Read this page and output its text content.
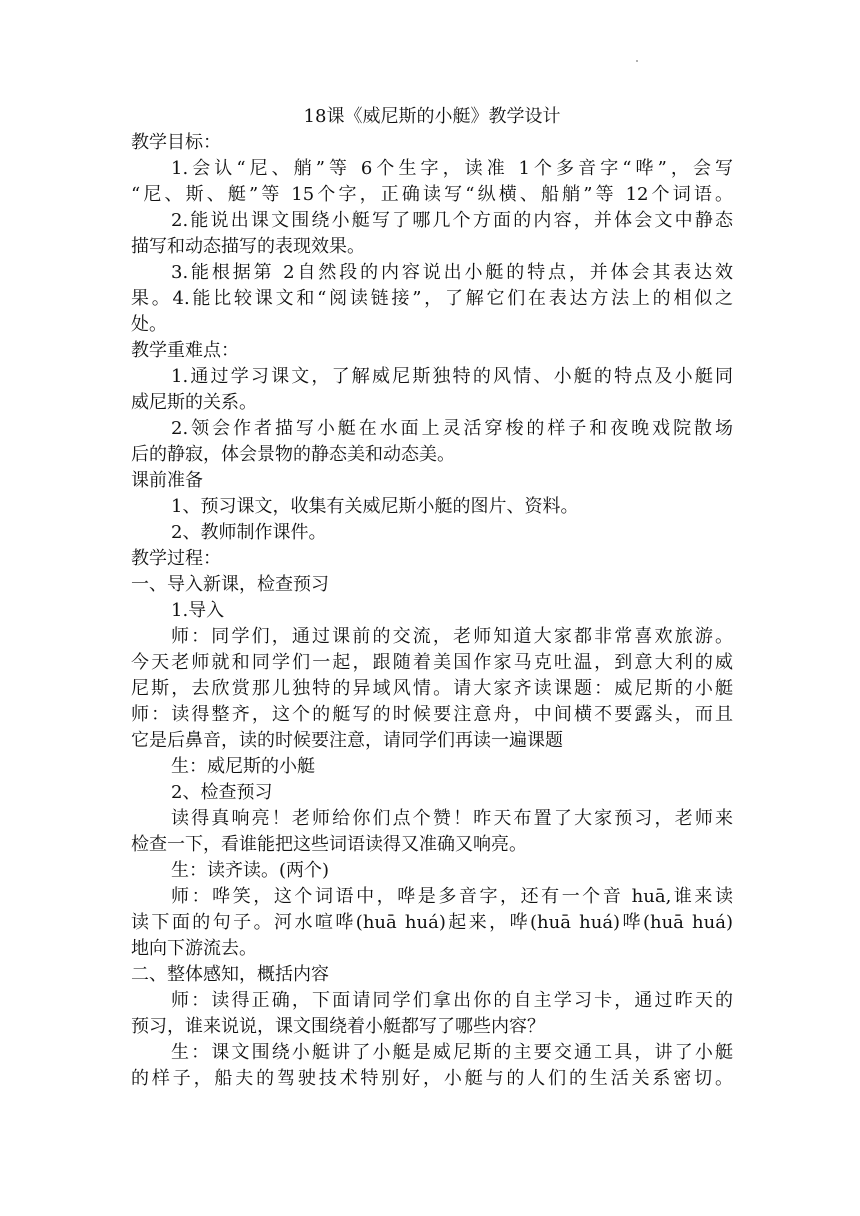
18课《威尼斯的小艇》教学设计
教学目标：
1.会认“尼、艄”等 6个生字，读准 1个多音字“哗”，会写
“尼、斯、艇”等 15个字，正确读写“纵横、船艄”等 12个词语。
2.能说出课文围绕小艇写了哪几个方面的内容，并体会文中静态
描写和动态描写的表现效果。
3.能根据第 2自然段的内容说出小艇的特点，并体会其表达效
果。4.能比较课文和“阅读链接”，了解它们在表达方法上的相似之
处。
教学重难点：
1.通过学习课文，了解威尼斯独特的风情、小艇的特点及小艇同
威尼斯的关系。
2.领会作者描写小艇在水面上灵活穿梭的样子和夜晚戏院散场
后的静寂，体会景物的静态美和动态美。
课前准备
1、预习课文，收集有关威尼斯小艇的图片、资料。
2、教师制作课件。
教学过程：
一、导入新课，检查预习
1.导入
师：同学们，通过课前的交流，老师知道大家都非常喜欢旅游。
今天老师就和同学们一起，跟随着美国作家马克吐温，到意大利的威
尼斯，去欣赏那儿独特的异域风情。请大家齐读课题：威尼斯的小艇
师：读得整齐，这个的艇写的时候要注意舟，中间横不要露头，而且
它是后鼻音，读的时候要注意，请同学们再读一遍课题
生：威尼斯的小艇
2、检查预习
读得真响亮！老师给你们点个赞！昨天布置了大家预习，老师来
检查一下，看谁能把这些词语读得又准确又响亮。
生：读齐读。(两个)
师：哗笑，这个词语中，哗是多音字，还有一个音 huā,谁来读
读下面的句子。河水喧哗(huā huá)起来，哗(huā huá)哗(huā huá)
地向下游流去。
二、整体感知，概括内容
师：读得正确，下面请同学们拿出你的自主学习卡，通过昨天的
预习，谁来说说，课文围绕着小艇都写了哪些内容？
生：课文围绕小艇讲了小艇是威尼斯的主要交通工具，讲了小艇
的样子，船夫的驾驶技术特别好，小艇与的人们的生活关系密切。
